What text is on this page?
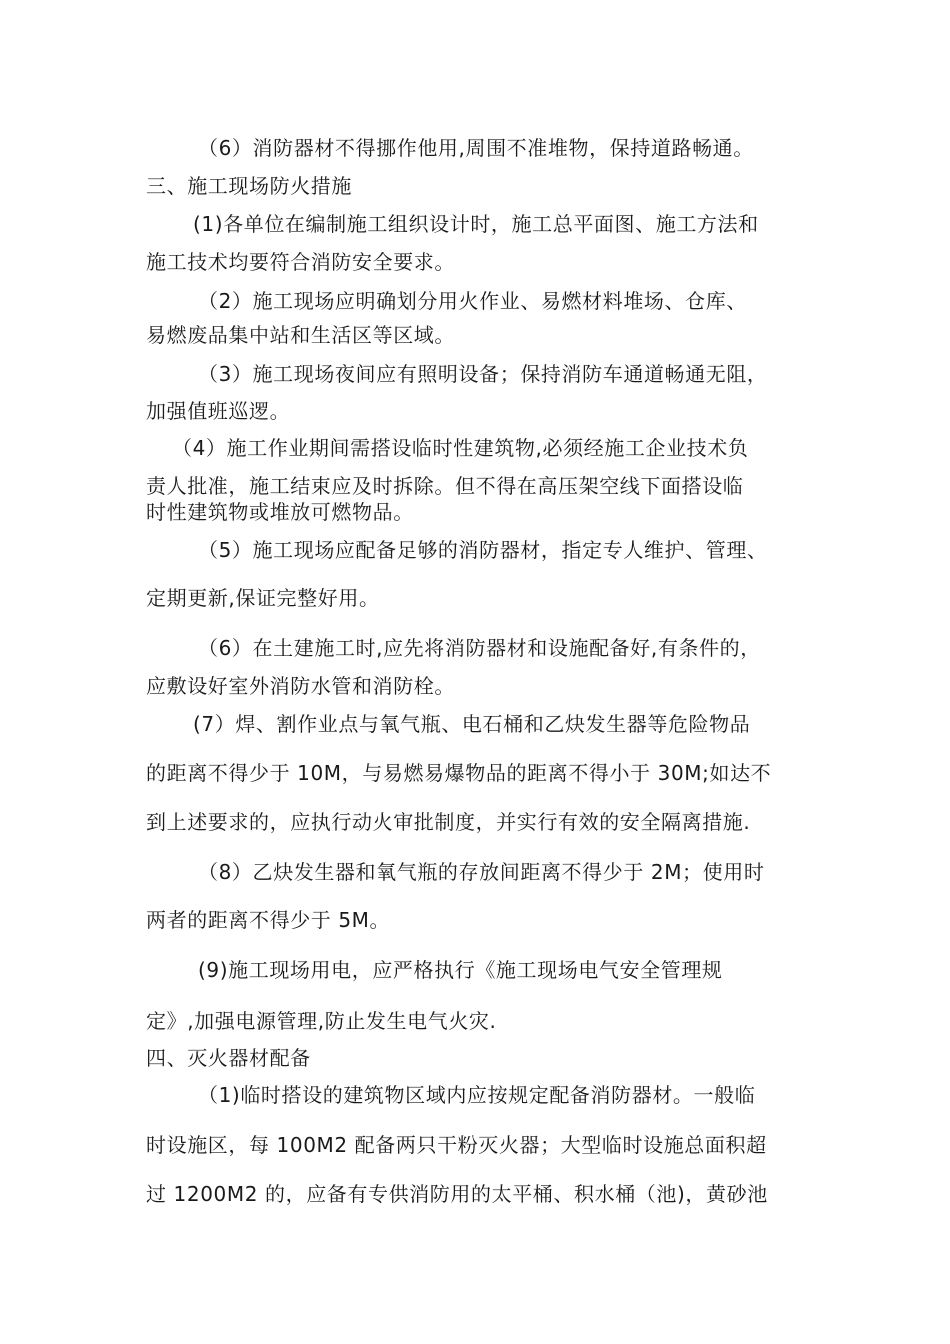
（6）消防器材不得挪作他用,周围不准堆物，保持道路畅通。
三、施工现场防火措施
(1)各单位在编制施工组织设计时，施工总平面图、施工方法和
施工技术均要符合消防安全要求。
（2）施工现场应明确划分用火作业、易燃材料堆场、仓库、
易燃废品集中站和生活区等区域。
（3）施工现场夜间应有照明设备；保持消防车通道畅通无阻，
加强值班巡逻。
（4）施工作业期间需搭设临时性建筑物,必须经施工企业技术负
责人批准，施工结束应及时拆除。但不得在高压架空线下面搭设临
时性建筑物或堆放可燃物品。
（5）施工现场应配备足够的消防器材，指定专人维护、管理、
定期更新,保证完整好用。
（6）在土建施工时,应先将消防器材和设施配备好,有条件的，
应敷设好室外消防水管和消防栓。
(7）焊、割作业点与氧气瓶、电石桶和乙炔发生器等危险物品
的距离不得少于 10M，与易燃易爆物品的距离不得小于 30M;如达不
到上述要求的，应执行动火审批制度，并实行有效的安全隔离措施.
（8）乙炔发生器和氧气瓶的存放间距离不得少于 2M；使用时
两者的距离不得少于 5M。
(9)施工现场用电，应严格执行《施工现场电气安全管理规
定》,加强电源管理,防止发生电气火灾.
四、灭火器材配备
（1)临时搭设的建筑物区域内应按规定配备消防器材。一般临
时设施区，每 100M2 配备两只干粉灭火器；大型临时设施总面积超
过 1200M2 的，应备有专供消防用的太平桶、积水桶（池)，黄砂池
